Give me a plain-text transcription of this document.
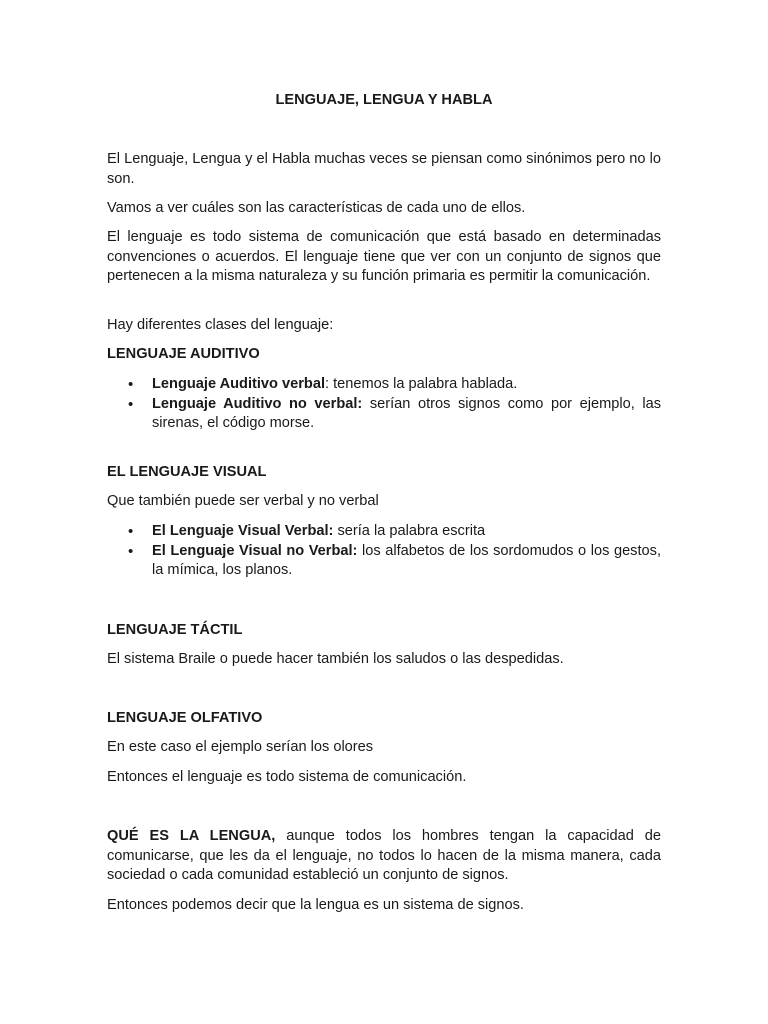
LENGUAJE, LENGUA Y HABLA

El Lenguaje, Lengua y el Habla muchas veces se piensan como sinónimos pero no lo son.

Vamos a ver cuáles son las características de cada uno de ellos.

El lenguaje es todo sistema de comunicación que está basado en determinadas convenciones o acuerdos. El lenguaje tiene que ver con un conjunto de signos que pertenecen a la misma naturaleza y su función primaria es permitir la comunicación.

Hay diferentes clases del lenguaje:

LENGUAJE AUDITIVO

• Lenguaje Auditivo verbal: tenemos la palabra hablada.
• Lenguaje Auditivo no verbal: serían otros signos como por ejemplo, las sirenas, el código morse.

EL LENGUAJE VISUAL

Que también puede ser verbal y no verbal

• El Lenguaje Visual Verbal: sería la palabra escrita
• El Lenguaje Visual no Verbal: los alfabetos de los sordomudos o los gestos, la mímica, los planos.

LENGUAJE TÁCTIL

El sistema Braile o puede hacer también los saludos o las despedidas.

LENGUAJE OLFATIVO

En este caso el ejemplo serían los olores

Entonces el lenguaje es todo sistema de comunicación.

QUÉ ES LA LENGUA, aunque todos los hombres tengan la capacidad de comunicarse, que les da el lenguaje, no todos lo hacen de la misma manera, cada sociedad o cada comunidad estableció un conjunto de signos.

Entonces podemos decir que la lengua es un sistema de signos.
